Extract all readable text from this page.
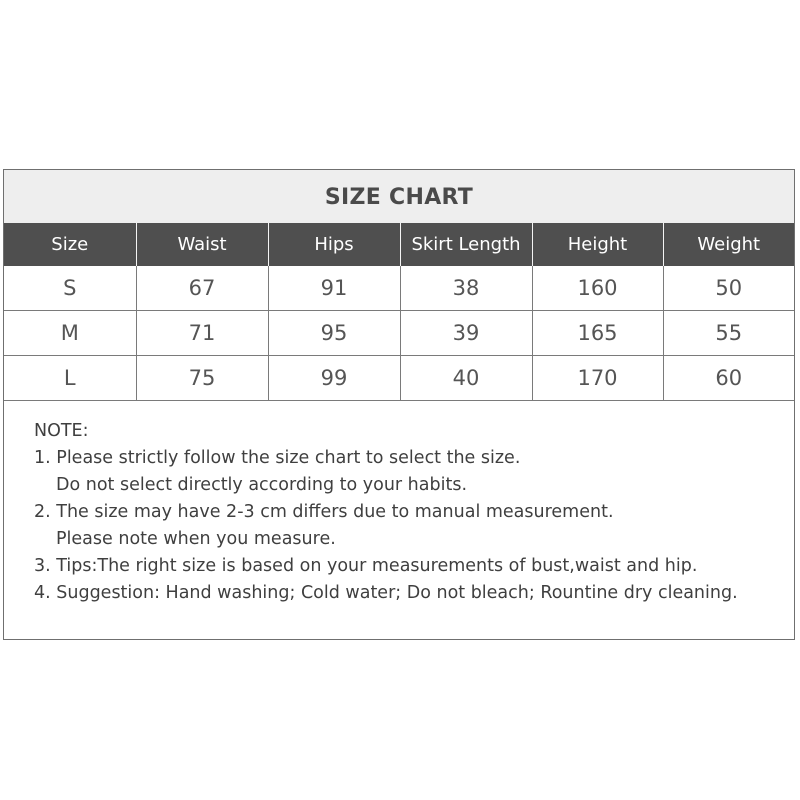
SIZE CHART
Size	Waist	Hips	Skirt Length	Height	Weight
S	67	91	38	160	50
M	71	95	39	165	55
L	75	99	40	170	60
NOTE:
1. Please strictly follow the size chart to select the size.
Do not select directly according to your habits.
2. The size may have 2-3 cm differs due to manual measurement.
Please note when you measure.
3. Tips:The right size is based on your measurements of bust,waist and hip.
4. Suggestion: Hand washing; Cold water; Do not bleach; Rountine dry cleaning.
